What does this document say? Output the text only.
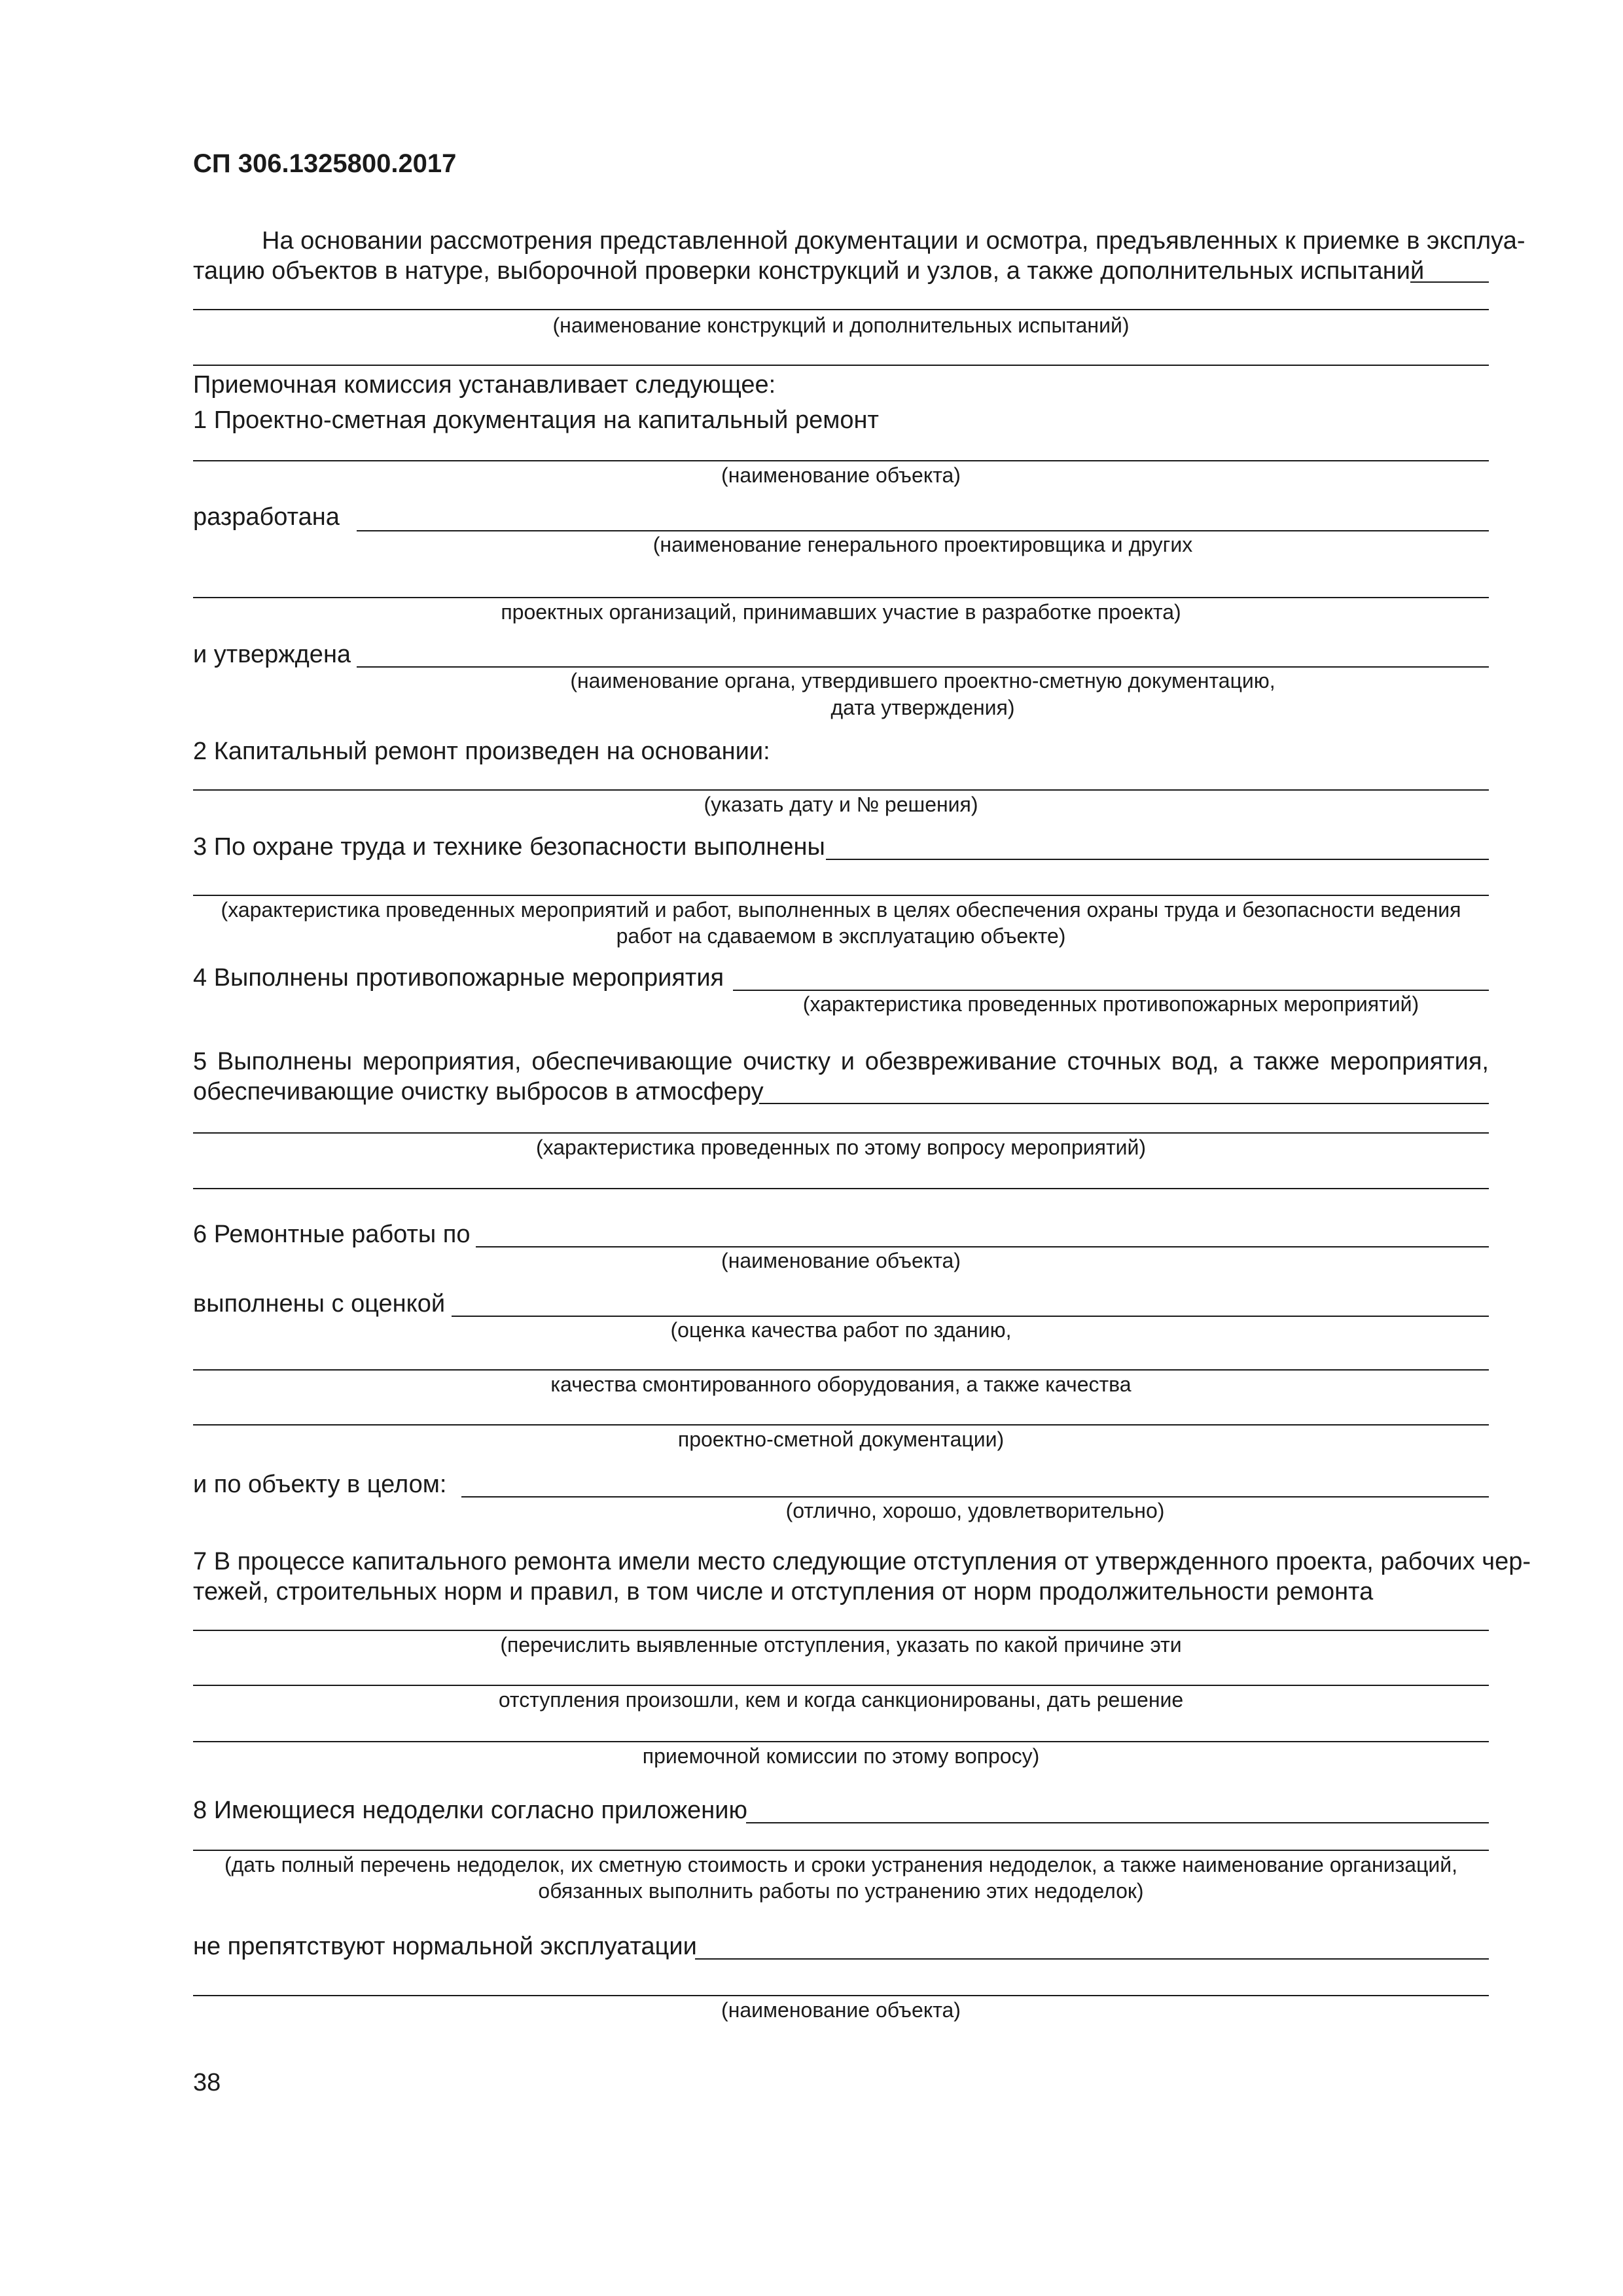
СП 306.1325800.2017
На основании рассмотрения представленной документации и осмотра, предъявленных к приемке в эксплуа-
тацию объектов в натуре, выборочной проверки конструкций и узлов, а также дополнительных испытаний
(наименование конструкций и дополнительных испытаний)
Приемочная комиссия устанавливает следующее:
1 Проектно-сметная документация на капитальный ремонт
(наименование объекта)
разработана
(наименование генерального проектировщика и других
проектных организаций, принимавших участие в разработке проекта)
и утверждена
(наименование органа, утвердившего проектно-сметную документацию,
дата утверждения)
2 Капитальный ремонт произведен на основании:
(указать дату и № решения)
3 По охране труда и технике безопасности выполнены
(характеристика проведенных мероприятий и работ, выполненных в целях обеспечения охраны труда и безопасности ведения
работ на сдаваемом в эксплуатацию объекте)
4 Выполнены противопожарные мероприятия
(характеристика проведенных противопожарных мероприятий)
5 Выполнены мероприятия, обеспечивающие очистку и обезвреживание сточных вод, а также мероприятия,
обеспечивающие очистку выбросов в атмосферу
(характеристика проведенных по этому вопросу мероприятий)
6 Ремонтные работы по
(наименование объекта)
выполнены с оценкой
(оценка качества работ по зданию,
качества смонтированного оборудования, а также качества
проектно-сметной документации)
и по объекту в целом:
(отлично, хорошо, удовлетворительно)
7 В процессе капитального ремонта имели место следующие отступления от утвержденного проекта, рабочих чер-
тежей, строительных норм и правил, в том числе и отступления от норм продолжительности ремонта
(перечислить выявленные отступления, указать по какой причине эти
отступления произошли, кем и когда санкционированы, дать решение
приемочной комиссии по этому вопросу)
8 Имеющиеся недоделки согласно приложению
(дать полный перечень недоделок, их сметную стоимость и сроки устранения недоделок, а также наименование организаций,
обязанных выполнить работы по устранению этих недоделок)
не препятствуют нормальной эксплуатации
(наименование объекта)
38
